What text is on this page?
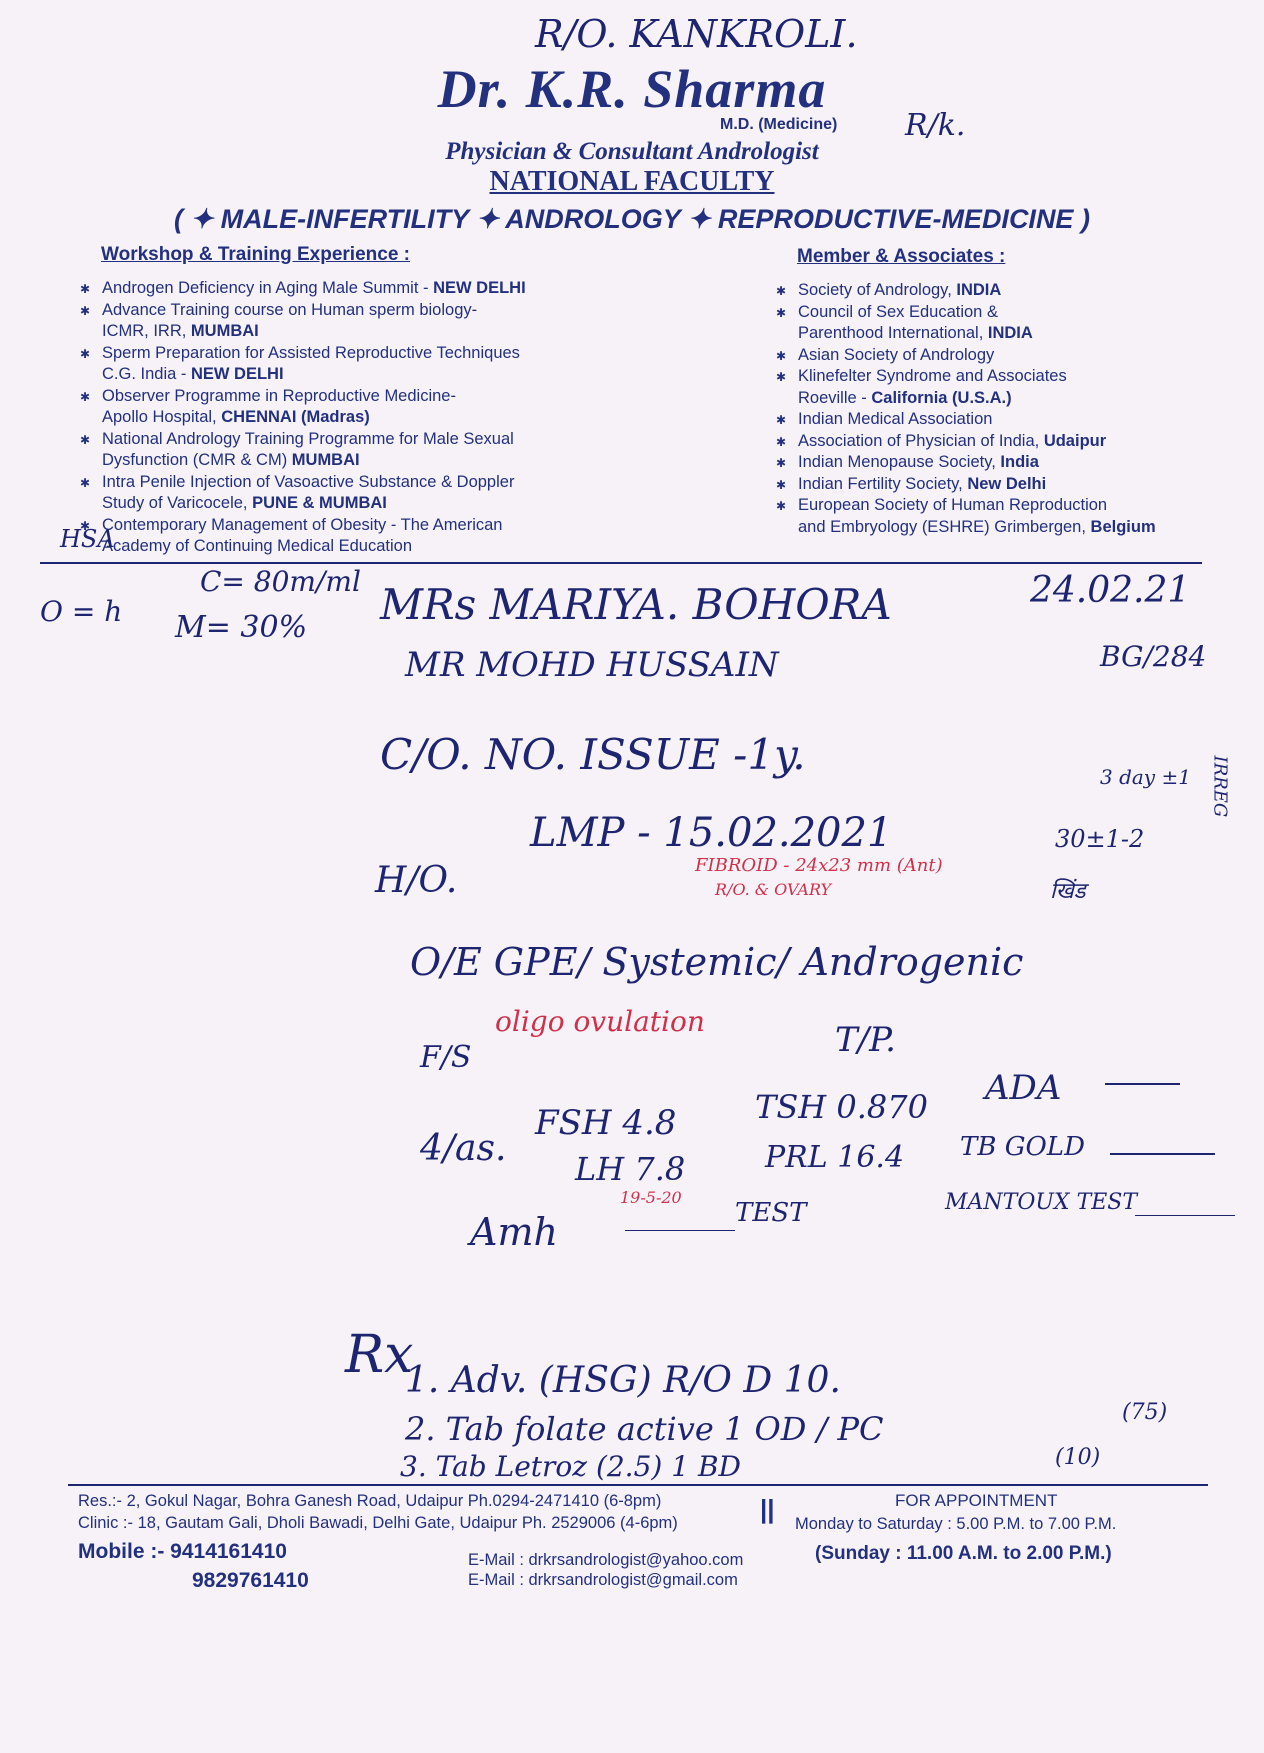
Dr. K.R. Sharma
M.D. (Medicine)
Physician & Consultant Andrologist
NATIONAL FACULTY
( ✦ MALE-INFERTILITY ✦ ANDROLOGY ✦ REPRODUCTIVE-MEDICINE )
Workshop & Training Experience :
✱ Androgen Deficiency in Aging Male Summit - NEW DELHI
✱ Advance Training course on Human sperm biology-
ICMR, IRR, MUMBAI
✱ Sperm Preparation for Assisted Reproductive Techniques
C.G. India - NEW DELHI
✱ Observer Programme in Reproductive Medicine-
Apollo Hospital, CHENNAI (Madras)
✱ National Andrology Training Programme for Male Sexual
Dysfunction (CMR & CM) MUMBAI
✱ Intra Penile Injection of Vasoactive Substance & Doppler
Study of Varicocele, PUNE & MUMBAI
✱ Contemporary Management of Obesity - The American
Academy of Continuing Medical Education
Member & Associates :
✱ Society of Andrology, INDIA
✱ Council of Sex Education &
Parenthood International, INDIA
✱ Asian Society of Andrology
✱ Klinefelter Syndrome and Associates
Roeville - California (U.S.A.)
✱ Indian Medical Association
✱ Association of Physician of India, Udaipur
✱ Indian Menopause Society, India
✱ Indian Fertility Society, New Delhi
✱ European Society of Human Reproduction
and Embryology (ESHRE) Grimbergen, Belgium
R/O. KANKROLI.
R/k.
HSA
C= 80m/ml
O = h M= 30% MRs MARIYA. BOHORA	24.02.21
MR MOHD HUSSAIN	BG/284
C/O. NO. ISSUE -1y.	3 day ±1 IRREG
LMP - 15.02.2021	30±1-2
H/O.	FIBROID - 24x23 mm (Ant)
R/O. & OVARY
O/E GPE/ Systemic/ Androgenic
खिंड
oligo ovulation
F/S	T/P.
4/as.
FSH 4.8
LH 7.8
19-5-20
TSH 0.870 ADA
PRL 16.4 TB GOLD
Amh	TEST	MANTOUX TEST
Rx
1. Adv. (HSG) R/O D 10.
2. Tab folate active 1 OD / PC	(75)
3. Tab Letroz (2.5) 1 BD	(10)
Res.:- 2, Gokul Nagar, Bohra Ganesh Road, Udaipur Ph.0294-2471410 (6-8pm)
Clinic :- 18, Gautam Gali, Dholi Bawadi, Delhi Gate, Udaipur Ph. 2529006 (4-6pm)	||	FOR APPOINTMENT
Monday to Saturday : 5.00 P.M. to 7.00 P.M.
(Sunday : 11.00 A.M. to 2.00 P.M.)
Mobile :- 9414161410
9829761410
E-Mail : drkrsandrologist@yahoo.com
E-Mail : drkrsandrologist@gmail.com
